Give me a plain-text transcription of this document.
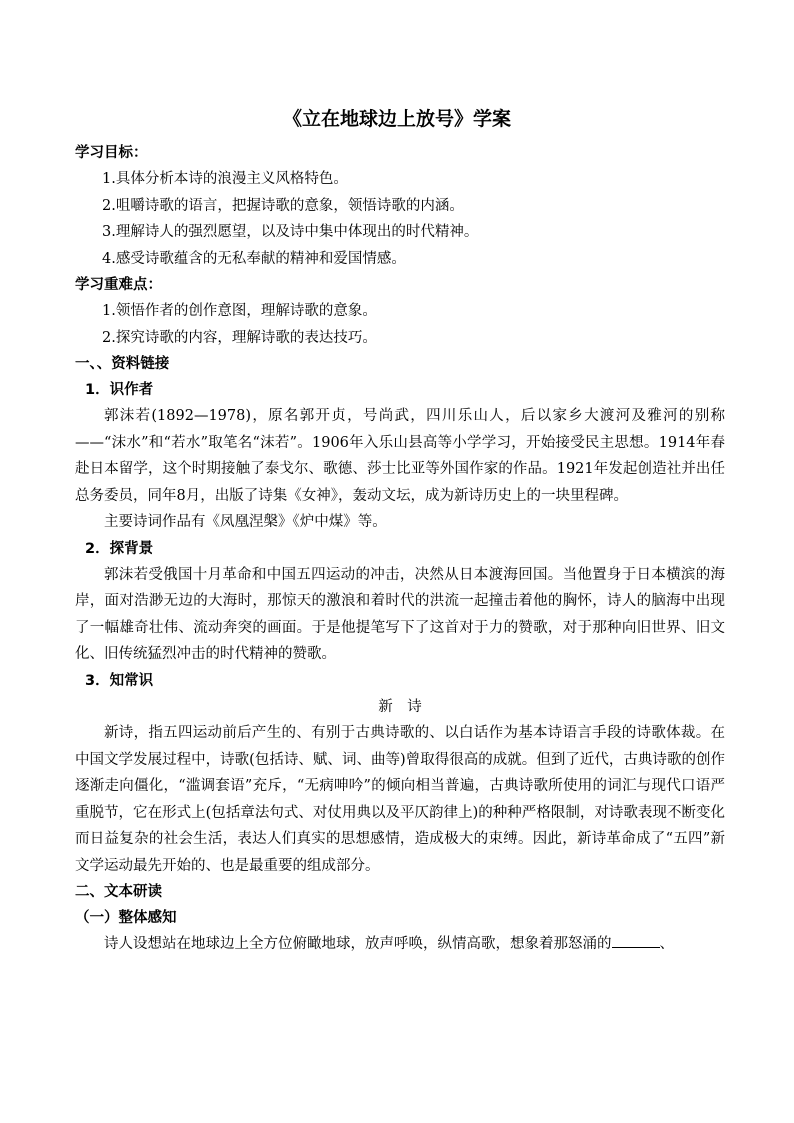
《立在地球边上放号》学案
学习目标：
1.具体分析本诗的浪漫主义风格特色。
2.咀嚼诗歌的语言，把握诗歌的意象，领悟诗歌的内涵。
3.理解诗人的强烈愿望，以及诗中集中体现出的时代精神。
4.感受诗歌蕴含的无私奉献的精神和爱国情感。
学习重难点：
1.领悟作者的创作意图，理解诗歌的意象。
2.探究诗歌的内容，理解诗歌的表达技巧。
一、、资料链接
1．识作者

郭沫若(1892—1978)，原名郭开贞，号尚武，四川乐山人，后以家乡大渡河及雅河的别称——“沫水”和“若水”取笔名“沫若”。1906年入乐山县高等小学学习，开始接受民主思想。1914年春赴日本留学，这个时期接触了泰戈尔、歌德、莎士比亚等外国作家的作品。1921年发起创造社并出任总务委员，同年8月，出版了诗集《女神》，轰动文坛，成为新诗历史上的一块里程碑。

主要诗词作品有《凤凰涅槃》《炉中煤》等。

2．探背景

郭沫若受俄国十月革命和中国五四运动的冲击，决然从日本渡海回国。当他置身于日本横滨的海岸，面对浩渺无边的大海时，那惊天的激浪和着时代的洪流一起撞击着他的胸怀，诗人的脑海中出现了一幅雄奇壮伟、流动奔突的画面。于是他提笔写下了这首对于力的赞歌，对于那种向旧世界、旧文化、旧传统猛烈冲击的时代精神的赞歌。

3．知常识
新　诗

新诗，指五四运动前后产生的、有别于古典诗歌的、以白话作为基本诗语言手段的诗歌体裁。在中国文学发展过程中，诗歌(包括诗、赋、词、曲等)曾取得很高的成就。但到了近代，古典诗歌的创作逐渐走向僵化，“滥调套语”充斥，“无病呻吟”的倾向相当普遍，古典诗歌所使用的词汇与现代口语严重脱节，它在形式上(包括章法句式、对仗用典以及平仄韵律上)的种种严格限制，对诗歌表现不断变化而日益复杂的社会生活，表达人们真实的思想感情，造成极大的束缚。因此，新诗革命成了“五四”新文学运动最先开始的、也是最重要的组成部分。

二、文本研读
（一）整体感知

诗人设想站在地球边上全方位俯瞰地球，放声呼唤，纵情高歌，想象着那怒涌的	、
